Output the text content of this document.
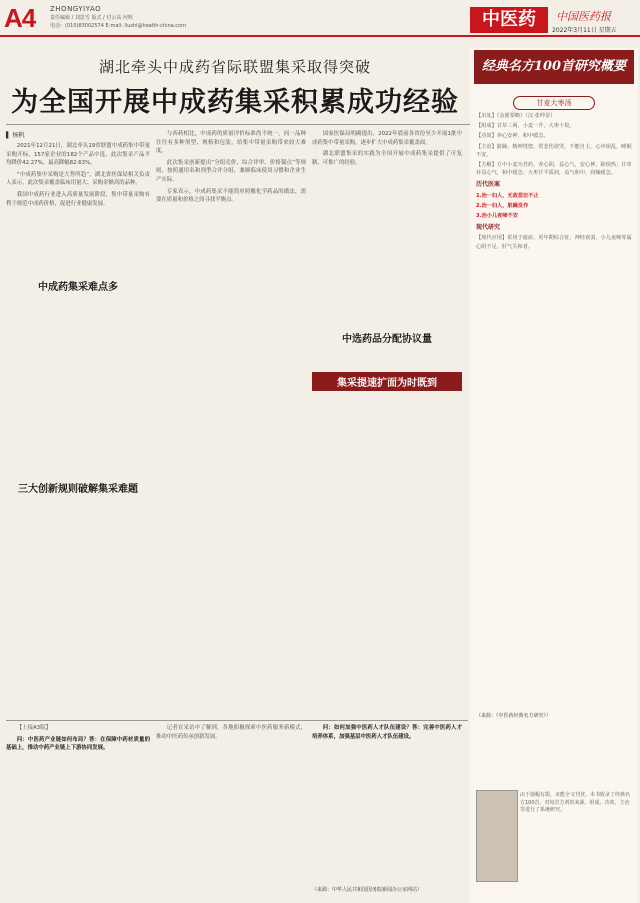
A4 ZHONGYIYAO
责任编辑 / 刘思雪 版式 / 付云高 河辉
电话：(010)83002574 E-mail: liushi@health-china.com	中医药	中国医药报
2022年3月11日 星期五
湖北牵头中成药省际联盟集采取得突破
为全国开展中成药集采积累成功经验
▌ 杨帆

2021年12月21日，湖北牵头19省联盟中成药集中带量采购开标，157家企业的182个产品中选。此次集采产品平均降价42.27%，最高降幅82.63%。

“中成药集中采购是大势所趋”，湖北省医保局相关负责人表示，此次集采覆盖临床用量大、采购金额高的品种。

我国中成药行业进入高质量发展阶段，集中带量采购有利于规范中成药价格，促进行业健康发展。

中成药集采难点多
三大创新规则破解集采难题

与西药相比，中成药的质量评价标准尚不统一，同一品种往往有多种剂型、规格和包装，给集中带量采购带来较大难度。

此次集采创新提出“分组竞价、综合评审、价格锚点”等规则，按照通用名和剂型合并分组，兼顾临床使用习惯和企业生产实际。

专家表示，中成药集采不能简单照搬化学药品的做法，需要在质量和价格之间寻找平衡点。

国家医保局明确提出，2022年底前各省份至少开展1批中成药集中带量采购，逐步扩大中成药集采覆盖面。

湖北联盟集采的实践为全国开展中成药集采提供了可复制、可推广的经验。

中选药品分配协议量
集采提速扩面为时既到

【上接A3版】

问：中医药产业链如何布局？答：在保障中药材质量的基础上，推动中药产业链上下游协同发展。

记者在采访中了解到，各地积极探索中医药服务新模式，推动中医药传承创新发展。

问：如何加强中医药人才队伍建设？答：完善中医药人才培养体系，加强基层中医药人才队伍建设。

（来源：中华人民共和国国务院新闻办公室网站）
经典名方100首研究概要
甘麦大枣汤

【出处】《金匮要略》（汉·张仲景）

【组成】甘草三两，小麦一升，大枣十枚。

【功效】养心安神，和中缓急。

【主治】脏躁。精神恍惚，常悲伤欲哭，不能自主，心中烦乱，睡眠不安。

【方解】方中小麦为君药，养心阴，益心气，安心神，除烦热；甘草补益心气，和中缓急；大枣甘平质润，益气和中，润燥缓急。

历代医案

1.治一妇人，无故悲泣不止

2.治一妇人，脏躁发作

3.治小儿夜啼不安

现代研究

【现代应用】常用于癔症、更年期综合征、神经衰弱、小儿夜啼等属心阴不足、肝气失和者。

（来源：《中医药经典名方研究》）
由于篇幅有限，未能全文刊登。本书收录了经典名方100首，对每首方剂的来源、组成、功效、主治等进行了系统研究。
